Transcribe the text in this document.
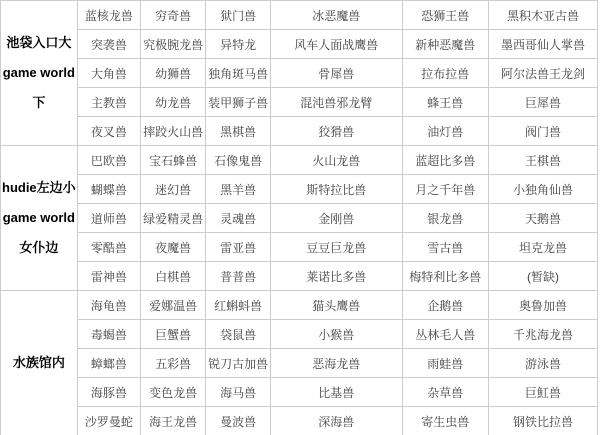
池袋入口大
game world
下	蓝核龙兽	穷奇兽	狱门兽	冰恶魔兽	恐狮王兽	黑积木亚古兽
	突袭兽	究极腕龙兽	异特龙	风车人面战鹰兽	新种恶魔兽	墨西哥仙人掌兽
	大角兽	幼狮兽	独角斑马兽	骨犀兽	拉布拉兽	阿尔法兽王龙剑
	主教兽	幼龙兽	装甲狮子兽	混沌兽邪龙臂	蜂王兽	巨犀兽
	夜叉兽	摔跤火山兽	黑棋兽	狡猾兽	油灯兽	阀门兽

hudie左边小
game world
女仆边	巴欧兽	宝石蜂兽	石像鬼兽	火山龙兽	蓝超比多兽	王棋兽
	蝴蝶兽	迷幻兽	黑羊兽	斯特拉比兽	月之千年兽	小独角仙兽
	道师兽	绿爱精灵兽	灵魂兽	金刚兽	银龙兽	天鹅兽
	零酷兽	夜魔兽	雷亚兽	豆豆巨龙兽	雪古兽	坦克龙兽
	雷神兽	白棋兽	普普兽	莱诺比多兽	梅特利比多兽	(暂缺)

水族馆内	海龟兽	爱娜温兽	红蝌蚪兽	猫头鹰兽	企鹅兽	奥鲁加兽
	毒蝎兽	巨蟹兽	袋鼠兽	小猴兽	丛林毛人兽	千兆海龙兽
	蟑螂兽	五彩兽	锐刀古加兽	恶海龙兽	雨蛙兽	游泳兽
	海豚兽	变色龙兽	海马兽	比基兽	杂草兽	巨魟兽
	沙罗曼蛇	海王龙兽	曼波兽	深海兽	寄生虫兽	钢铁比拉兽
